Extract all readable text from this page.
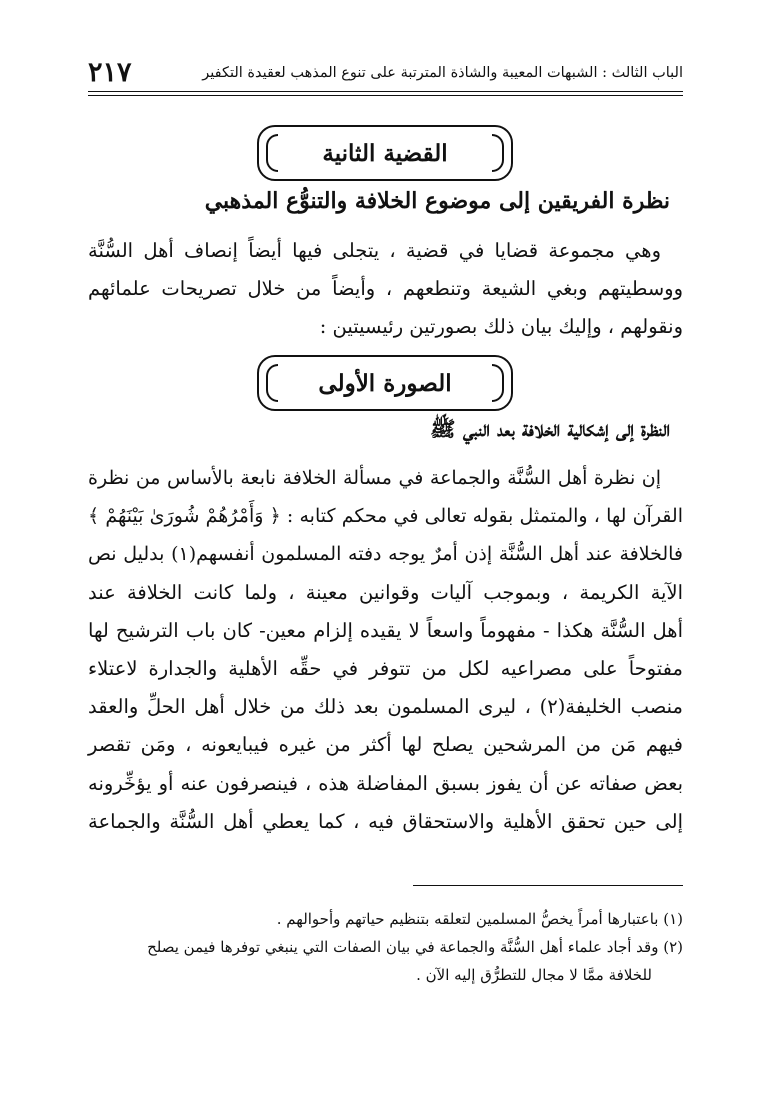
٢١٧	الباب الثالث : الشبهات المعيبة والشاذة المترتبة على تنوع المذهب لعقيدة التكفير
القضية الثانية
نظرة الفريقين إلى موضوع الخلافة والتنوُّع المذهبي
وهي مجموعة قضايا في قضية ، يتجلى فيها أيضاً إنصاف أهل السُّنَّة
ووسطيتهم وبغي الشيعة وتنطعهم ، وأيضاً من خلال تصريحات علمائهم
ونقولهم ، وإليك بيان ذلك بصورتين رئيسيتين :
الصورة الأولى
النظرة إلى إشكالية الخلافة بعد النبي ﷺ
إن نظرة أهل السُّنَّة والجماعة في مسألة الخلافة نابعة بالأساس من نظرة
القرآن لها ، والمتمثل بقوله تعالى في محكم كتابه : ﴿ وَأَمْرُهُمْ شُورَىٰ بَيْنَهُمْ ﴾
فالخلافة عند أهل السُّنَّة إذن أمرٌ يوجه دفته المسلمون أنفسهم(١) بدليل نص
الآية الكريمة ، وبموجب آليات وقوانين معينة ، ولما كانت الخلافة عند
أهل السُّنَّة هكذا - مفهوماً واسعاً لا يقيده إلزام معين- كان باب الترشيح لها
مفتوحاً على مصراعيه لكل من تتوفر في حقِّه الأهلية والجدارة لاعتلاء
منصب الخليفة(٢) ، ليرى المسلمون بعد ذلك من خلال أهل الحلِّ والعقد
فيهم مَن من المرشحين يصلح لها أكثر من غيره فيبايعونه ، ومَن تقصر
بعض صفاته عن أن يفوز بسبق المفاضلة هذه ، فينصرفون عنه أو يؤخِّرونه
إلى حين تحقق الأهلية والاستحقاق فيه ، كما يعطي أهل السُّنَّة والجماعة
(١) باعتبارها أمراً يخصُّ المسلمين لتعلقه بتنظيم حياتهم وأحوالهم .
(٢) وقد أجاد علماء أهل السُّنَّة والجماعة في بيان الصفات التي ينبغي توفرها فيمن يصلح
للخلافة ممَّا لا مجال للتطرُّق إليه الآن .
